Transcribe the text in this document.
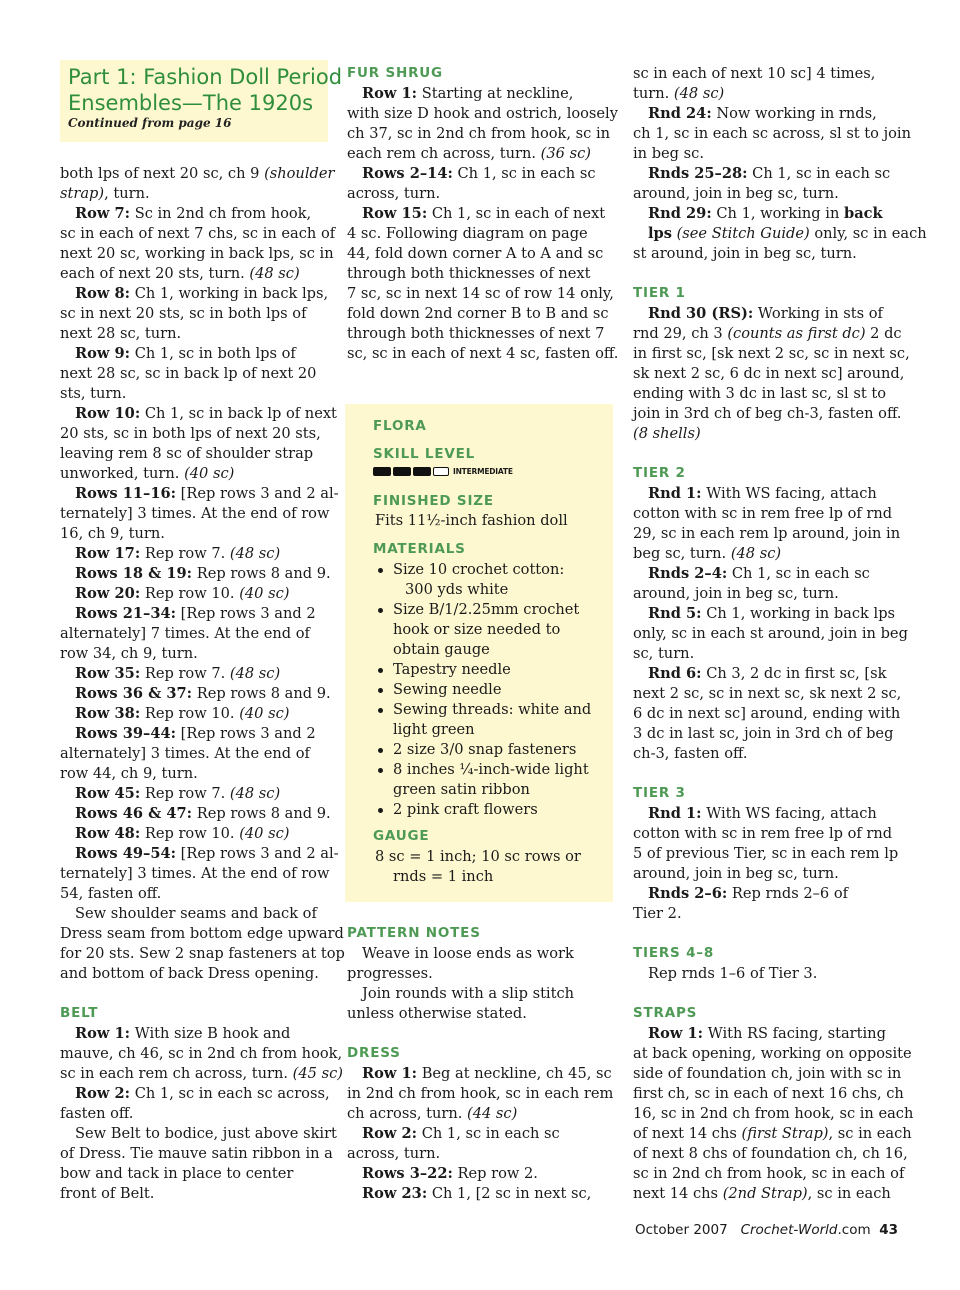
Part 1: Fashion Doll Period
Ensembles—The 1920s
Continued from page 16
BELT
FUR SHRUG
FLORA
SKILL LEVEL
INTERMEDIATE
FINISHED SIZE
Fits 11½-inch fashion doll
MATERIALS
Size 10 crochet cotton:
300 yds white
Size B/1/2.25mm crochet
hook or size needed to
obtain gauge
Tapestry needle
Sewing needle
Sewing threads: white and
light green
2 size 3/0 snap fasteners
8 inches ¼-inch-wide light
green satin ribbon
2 pink craft flowers
GAUGE
8 sc = 1 inch; 10 sc rows or
rnds = 1 inch
PATTERN NOTES
DRESS
TIER 1
TIER 2
TIER 3
TIERS 4–8
STRAPS
October 2007 Crochet-World.com 43
both lps of next 20 sc, ch 9 (shoulder
strap), turn.
Row 7: Sc in 2nd ch from hook,
sc in each of next 7 chs, sc in each of
next 20 sc, working in back lps, sc in
each of next 20 sts, turn. (48 sc)
Row 8: Ch 1, working in back lps,
sc in next 20 sts, sc in both lps of
next 28 sc, turn.
Row 9: Ch 1, sc in both lps of
next 28 sc, sc in back lp of next 20
sts, turn.
Row 10: Ch 1, sc in back lp of next
20 sts, sc in both lps of next 20 sts,
leaving rem 8 sc of shoulder strap
unworked, turn. (40 sc)
Rows 11–16: [Rep rows 3 and 2 al-
ternately] 3 times. At the end of row
16, ch 9, turn.
Row 17: Rep row 7. (48 sc)
Rows 18 & 19: Rep rows 8 and 9.
Row 20: Rep row 10. (40 sc)
Rows 21–34: [Rep rows 3 and 2
alternately] 7 times. At the end of
row 34, ch 9, turn.
Row 35: Rep row 7. (48 sc)
Rows 36 & 37: Rep rows 8 and 9.
Row 38: Rep row 10. (40 sc)
Rows 39–44: [Rep rows 3 and 2
alternately] 3 times. At the end of
row 44, ch 9, turn.
Row 45: Rep row 7. (48 sc)
Rows 46 & 47: Rep rows 8 and 9.
Row 48: Rep row 10. (40 sc)
Rows 49–54: [Rep rows 3 and 2 al-
ternately] 3 times. At the end of row
54, fasten off.
Sew shoulder seams and back of
Dress seam from bottom edge upward
for 20 sts. Sew 2 snap fasteners at top
and bottom of back Dress opening.
Row 1: With size B hook and
mauve, ch 46, sc in 2nd ch from hook,
sc in each rem ch across, turn. (45 sc)
Row 2: Ch 1, sc in each sc across,
fasten off.
Sew Belt to bodice, just above skirt
of Dress. Tie mauve satin ribbon in a
bow and tack in place to center
front of Belt.
Row 1: Starting at neckline,
with size D hook and ostrich, loosely
ch 37, sc in 2nd ch from hook, sc in
each rem ch across, turn. (36 sc)
Rows 2–14: Ch 1, sc in each sc
across, turn.
Row 15: Ch 1, sc in each of next
4 sc. Following diagram on page
44, fold down corner A to A and sc
through both thicknesses of next
7 sc, sc in next 14 sc of row 14 only,
fold down 2nd corner B to B and sc
through both thicknesses of next 7
sc, sc in each of next 4 sc, fasten off.
Weave in loose ends as work
progresses.
Join rounds with a slip stitch
unless otherwise stated.
Row 1: Beg at neckline, ch 45, sc
in 2nd ch from hook, sc in each rem
ch across, turn. (44 sc)
Row 2: Ch 1, sc in each sc
across, turn.
Rows 3–22: Rep row 2.
Row 23: Ch 1, [2 sc in next sc,
sc in each of next 10 sc] 4 times,
turn. (48 sc)
Rnd 24: Now working in rnds,
ch 1, sc in each sc across, sl st to join
in beg sc.
Rnds 25–28: Ch 1, sc in each sc
around, join in beg sc, turn.
Rnd 29: Ch 1, working in back
lps (see Stitch Guide) only, sc in each
st around, join in beg sc, turn.
Rnd 30 (RS): Working in sts of
rnd 29, ch 3 (counts as first dc) 2 dc
in first sc, [sk next 2 sc, sc in next sc,
sk next 2 sc, 6 dc in next sc] around,
ending with 3 dc in last sc, sl st to
join in 3rd ch of beg ch-3, fasten off.
(8 shells)
Rnd 1: With WS facing, attach
cotton with sc in rem free lp of rnd
29, sc in each rem lp around, join in
beg sc, turn. (48 sc)
Rnds 2–4: Ch 1, sc in each sc
around, join in beg sc, turn.
Rnd 5: Ch 1, working in back lps
only, sc in each st around, join in beg
sc, turn.
Rnd 6: Ch 3, 2 dc in first sc, [sk
next 2 sc, sc in next sc, sk next 2 sc,
6 dc in next sc] around, ending with
3 dc in last sc, join in 3rd ch of beg
ch-3, fasten off.
Rnd 1: With WS facing, attach
cotton with sc in rem free lp of rnd
5 of previous Tier, sc in each rem lp
around, join in beg sc, turn.
Rnds 2–6: Rep rnds 2–6 of
Tier 2.
Rep rnds 1–6 of Tier 3.
Row 1: With RS facing, starting
at back opening, working on opposite
side of foundation ch, join with sc in
first ch, sc in each of next 16 chs, ch
16, sc in 2nd ch from hook, sc in each
of next 14 chs (first Strap), sc in each
of next 8 chs of foundation ch, ch 16,
sc in 2nd ch from hook, sc in each of
next 14 chs (2nd Strap), sc in each
